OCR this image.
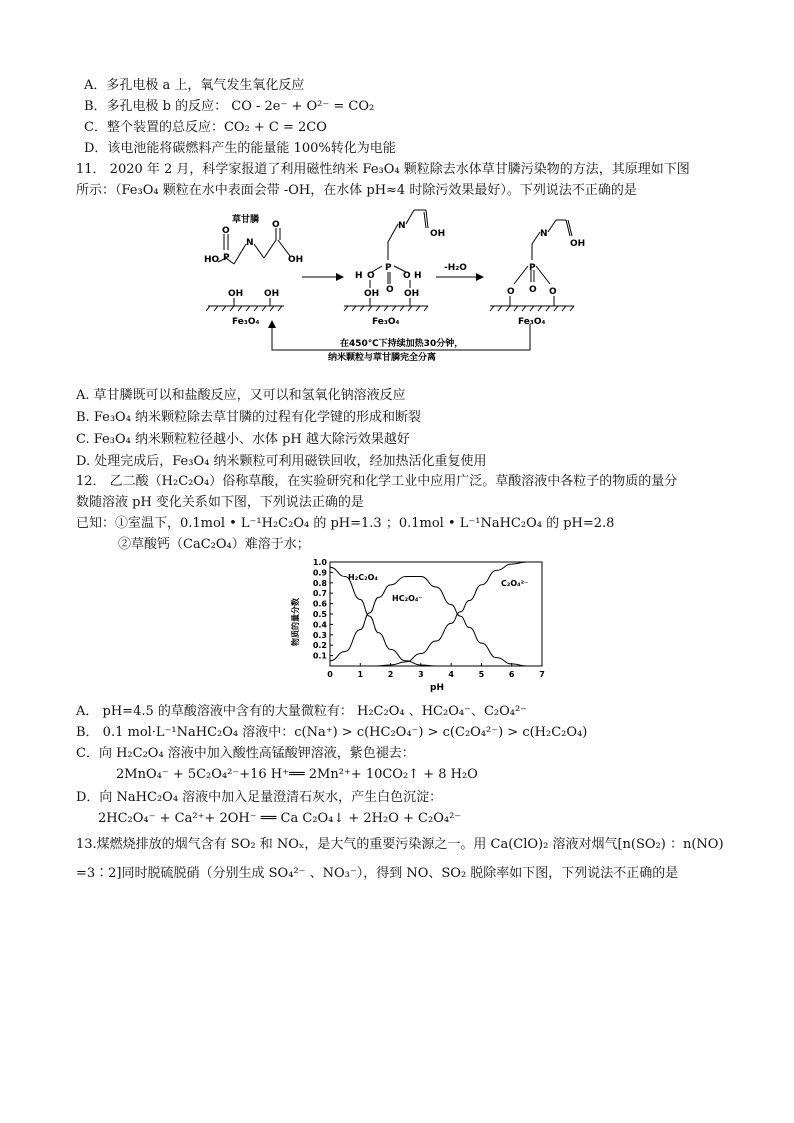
A．多孔电极 a 上，氧气发生氧化反应
B．多孔电极 b 的反应： CO - 2e⁻ + O²⁻ = CO₂
C．整个装置的总反应：CO₂ + C = 2CO
D．该电池能将碳燃料产生的能量能 100%转化为电能
11． 2020 年 2 月，科学家报道了利用磁性纳米 Fe₃O₄ 颗粒除去水体草甘膦污染物的方法，其原理如下图
所示：（Fe₃O₄ 颗粒在水中表面会带 -OH，在水体 pH≈4 时除污效果最好）。下列说法不正确的是
草甘膦
O
P
N
O
OH
HO
OH OH
Fe₃O₄
N
OH
P
O	O
O
H	H
OH	OH
Fe₃O₄
-H₂O
N
OH
P
O O O
Fe₃O₄
在450℃下持续加热30分钟，
纳米颗粒与草甘膦完全分离
A. 草甘膦既可以和盐酸反应，又可以和氢氧化钠溶液反应
B. Fe₃O₄ 纳米颗粒除去草甘膦的过程有化学键的形成和断裂
C. Fe₃O₄ 纳米颗粒粒径越小、水体 pH 越大除污效果越好
D. 处理完成后，Fe₃O₄ 纳米颗粒可利用磁铁回收，经加热活化重复使用
12． 乙二酸（H₂C₂O₄）俗称草酸，在实验研究和化学工业中应用广泛。草酸溶液中各粒子的物质的量分
数随溶液 pH 变化关系如下图，下列说法正确的是
已知：①室温下，0.1mol • L⁻¹H₂C₂O₄ 的 pH=1.3 ；0.1mol • L⁻¹NaHC₂O₄ 的 pH=2.8
②草酸钙（CaC₂O₄）难溶于水；
0.1
0.2
0.3
0.4
0.5
0.6
0.7
0.8
0.9
1.0
0	1	2	3	4	5	6	7
物质的量分数
pH
H₂C₂O₄
HC₂O₄⁻
C₂O₄²⁻
A． pH=4.5 的草酸溶液中含有的大量微粒有： H₂C₂O₄ 、HC₂O₄⁻、C₂O₄²⁻
B． 0.1 mol·L⁻¹NaHC₂O₄ 溶液中：c(Na⁺) > c(HC₂O₄⁻) > c(C₂O₄²⁻) > c(H₂C₂O₄)
C．向 H₂C₂O₄ 溶液中加入酸性高锰酸钾溶液，紫色褪去：
2MnO₄⁻ + 5C₂O₄²⁻+16 H⁺══ 2Mn²⁺+ 10CO₂↑ + 8 H₂O
D．向 NaHC₂O₄ 溶液中加入足量澄清石灰水，产生白色沉淀：
2HC₂O₄⁻ + Ca²⁺+ 2OH⁻ ══ Ca C₂O₄↓ + 2H₂O + C₂O₄²⁻
13.煤燃烧排放的烟气含有 SO₂ 和 NOₓ，是大气的重要污染源之一。用 Ca(ClO)₂ 溶液对烟气[n(SO₂) ：n(NO)
=3∶2]同时脱硫脱硝（分别生成 SO₄²⁻ 、NO₃⁻），得到 NO、SO₂ 脱除率如下图，下列说法不正确的是
